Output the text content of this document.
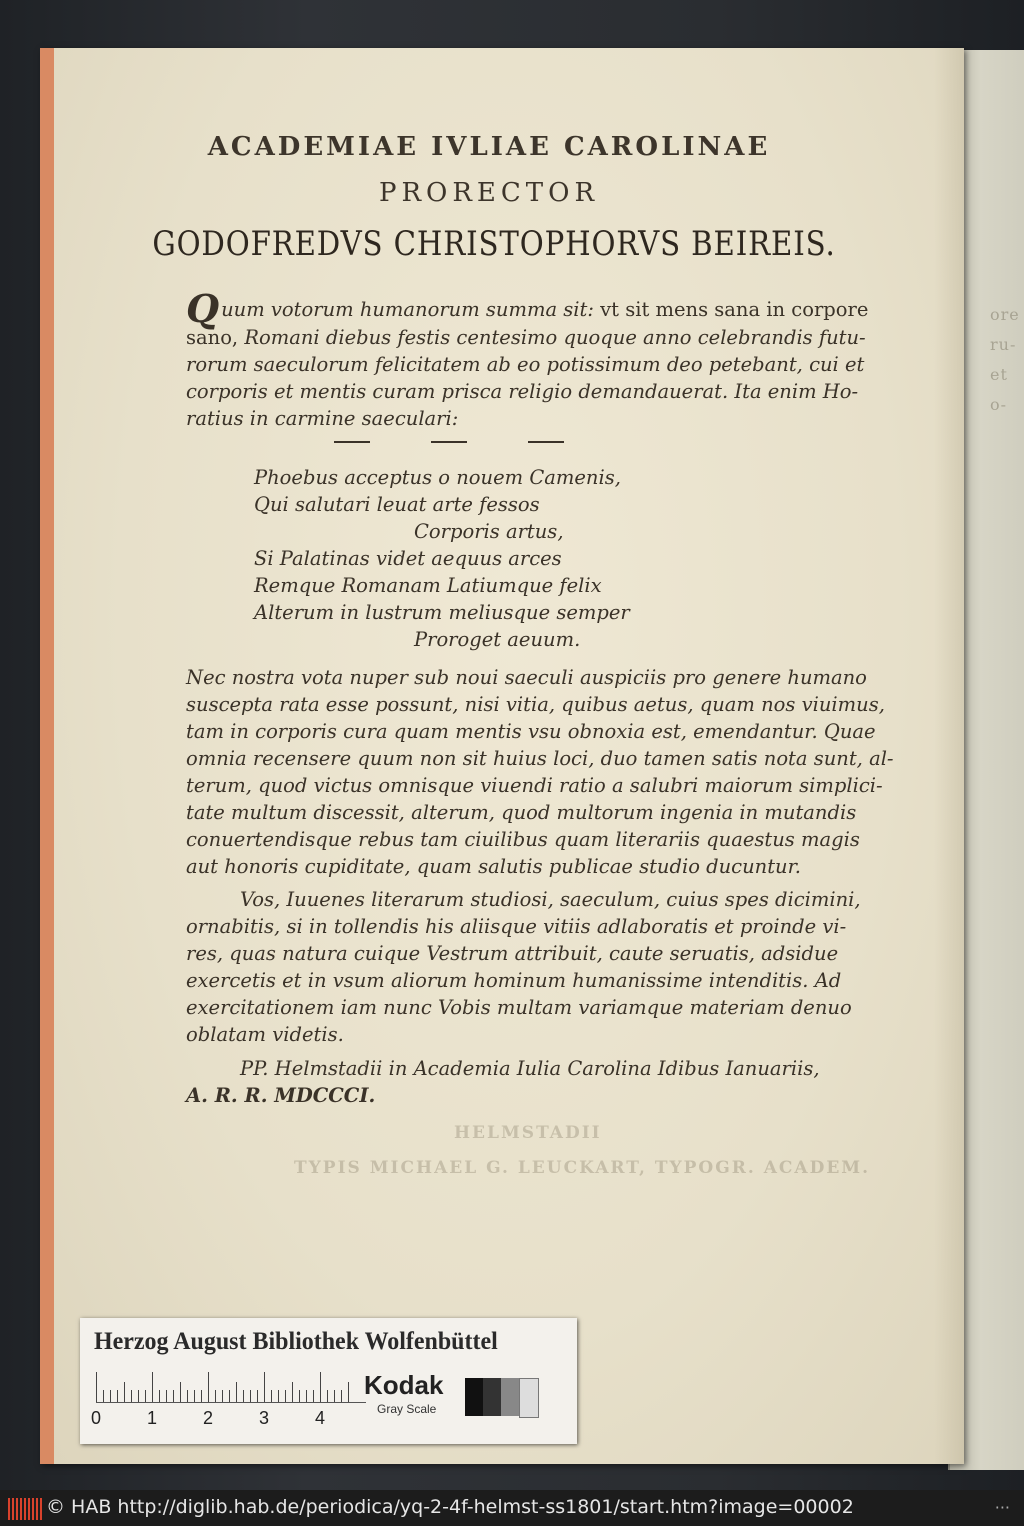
ore
ru-
et
o-
ACADEMIAE IVLIAE CAROLINAE
PRORECTOR
GODOFREDVS CHRISTOPHORVS BEIREIS.
Quum votorum humanorum summa sit: vt sit mens sana in corpore
sano, Romani diebus festis centesimo quoque anno celebrandis futu-
rorum saeculorum felicitatem ab eo potissimum deo petebant, cui et
corporis et mentis curam prisca religio demandauerat. Ita enim Ho-
ratius in carmine saeculari:
Phoebus acceptus o nouem Camenis,
Qui salutari leuat arte fessos
Corporis artus,
Si Palatinas videt aequus arces
Remque Romanam Latiumque felix
Alterum in lustrum meliusque semper
Proroget aeuum.
Nec nostra vota nuper sub noui saeculi auspiciis pro genere humano
suscepta rata esse possunt, nisi vitia, quibus aetus, quam nos viuimus,
tam in corporis cura quam mentis vsu obnoxia est, emendantur. Quae
omnia recensere quum non sit huius loci, duo tamen satis nota sunt, al-
terum, quod victus omnisque viuendi ratio a salubri maiorum simplici-
tate multum discessit, alterum, quod multorum ingenia in mutandis
conuertendisque rebus tam ciuilibus quam literariis quaestus magis
aut honoris cupiditate, quam salutis publicae studio ducuntur.
Vos, Iuuenes literarum studiosi, saeculum, cuius spes dicimini,
ornabitis, si in tollendis his aliisque vitiis adlaboratis et proinde vi-
res, quas natura cuique Vestrum attribuit, caute seruatis, adsidue
exercetis et in vsum aliorum hominum humanissime intenditis. Ad
exercitationem iam nunc Vobis multam variamque materiam denuo
oblatam videtis.
PP. Helmstadii in Academia Iulia Carolina Idibus Ianuariis,
A. R. R. MDCCCI.
HELMSTADII
TYPIS MICHAEL G. LEUCKART, TYPOGR. ACADEM.
Herzog August Bibliothek Wolfenbüttel
0	1	2	3	4
Kodak
Gray Scale
© HAB http://diglib.hab.de/periodica/yq-2-4f-helmst-ss1801/start.htm?image=00002	···
